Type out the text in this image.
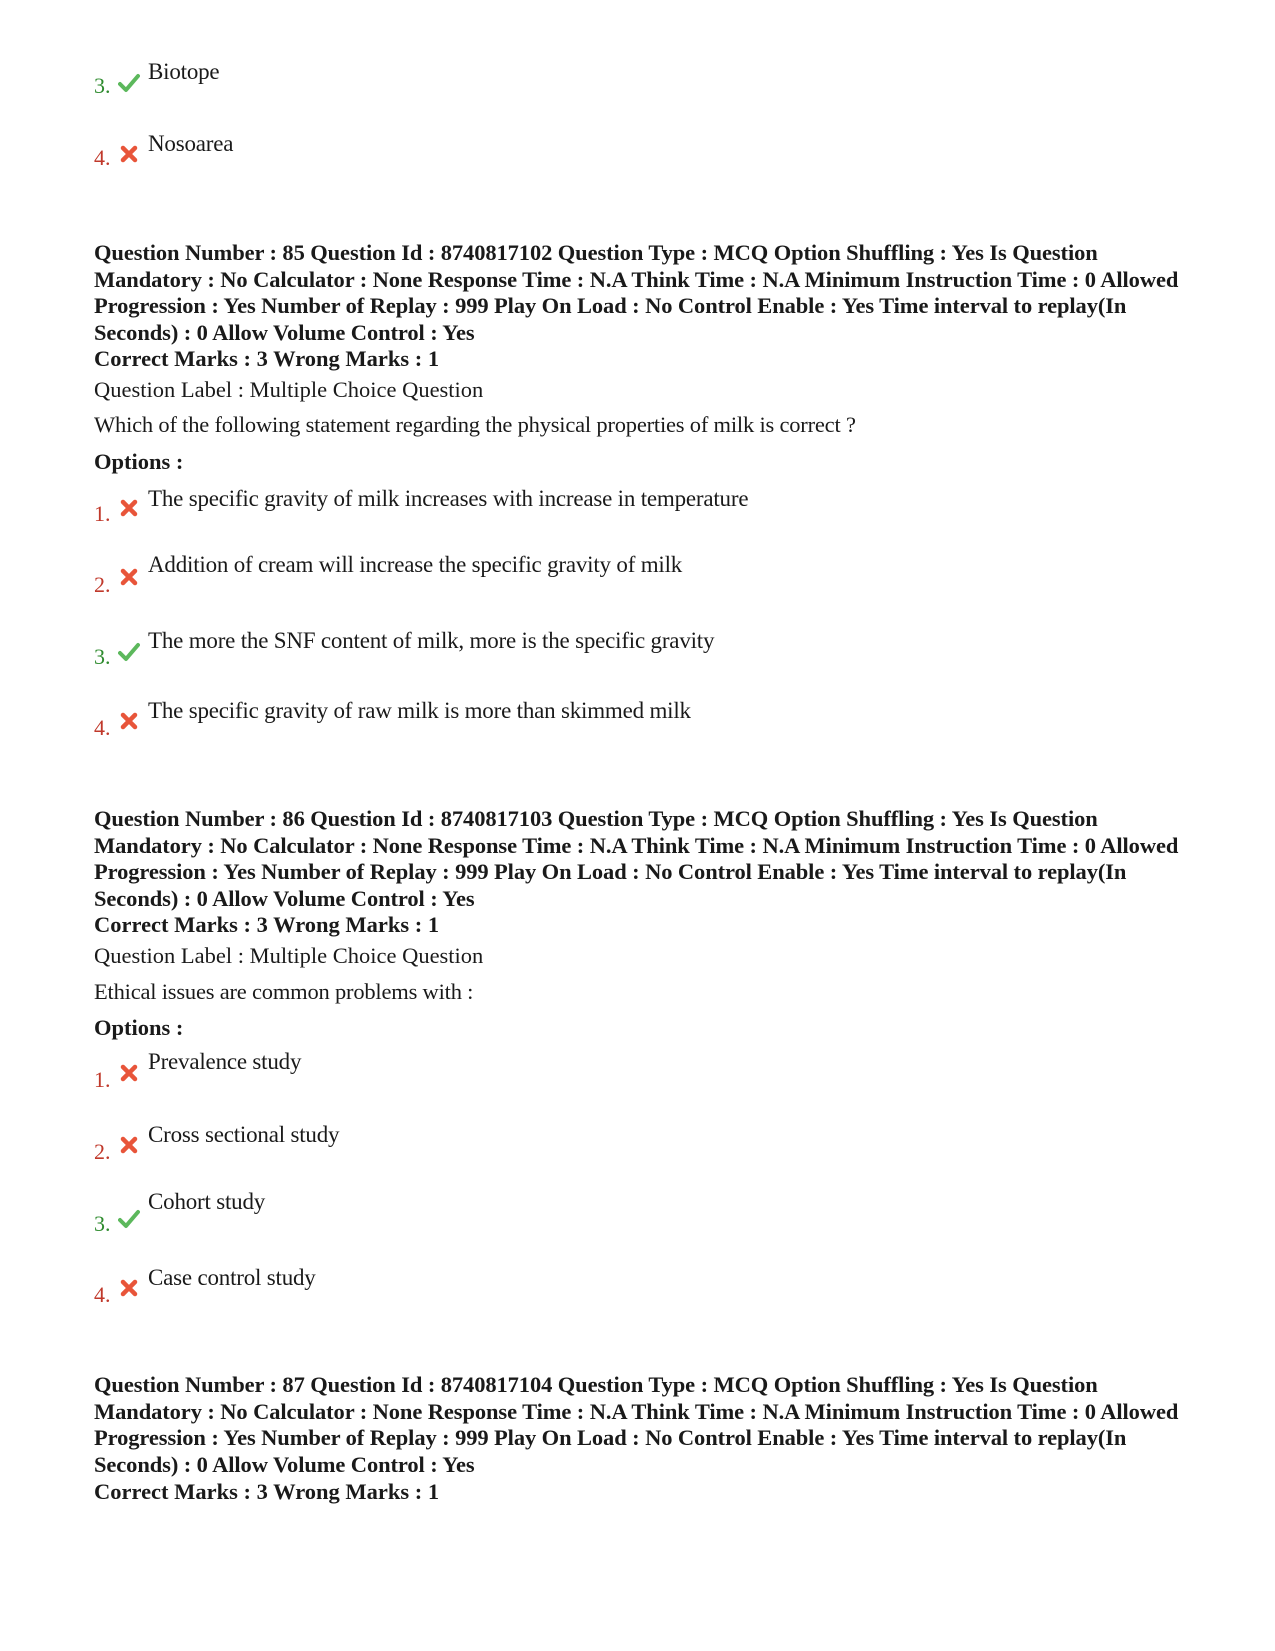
3.
Biotope
4.
Nosoarea
Question Number : 85 Question Id : 8740817102 Question Type : MCQ Option Shuffling : Yes Is Question Mandatory : No Calculator : None Response Time : N.A Think Time : N.A Minimum Instruction Time : 0 Allowed Progression : Yes Number of Replay : 999 Play On Load : No Control Enable : Yes Time interval to replay(In Seconds) : 0 Allow Volume Control : Yes
Correct Marks : 3 Wrong Marks : 1
Question Label : Multiple Choice Question
Which of the following statement regarding the physical properties of milk is correct ?
Options :
1.
The specific gravity of milk increases with increase in temperature
2.
Addition of cream will increase the specific gravity of milk
3.
The more the SNF content of milk, more is the specific gravity
4.
The specific gravity of raw milk is more than skimmed milk
Question Number : 86 Question Id : 8740817103 Question Type : MCQ Option Shuffling : Yes Is Question Mandatory : No Calculator : None Response Time : N.A Think Time : N.A Minimum Instruction Time : 0 Allowed Progression : Yes Number of Replay : 999 Play On Load : No Control Enable : Yes Time interval to replay(In Seconds) : 0 Allow Volume Control : Yes
Correct Marks : 3 Wrong Marks : 1
Question Label : Multiple Choice Question
Ethical issues are common problems with :
Options :
1.
Prevalence study
2.
Cross sectional study
3.
Cohort study
4.
Case control study
Question Number : 87 Question Id : 8740817104 Question Type : MCQ Option Shuffling : Yes Is Question Mandatory : No Calculator : None Response Time : N.A Think Time : N.A Minimum Instruction Time : 0 Allowed Progression : Yes Number of Replay : 999 Play On Load : No Control Enable : Yes Time interval to replay(In Seconds) : 0 Allow Volume Control : Yes
Correct Marks : 3 Wrong Marks : 1
